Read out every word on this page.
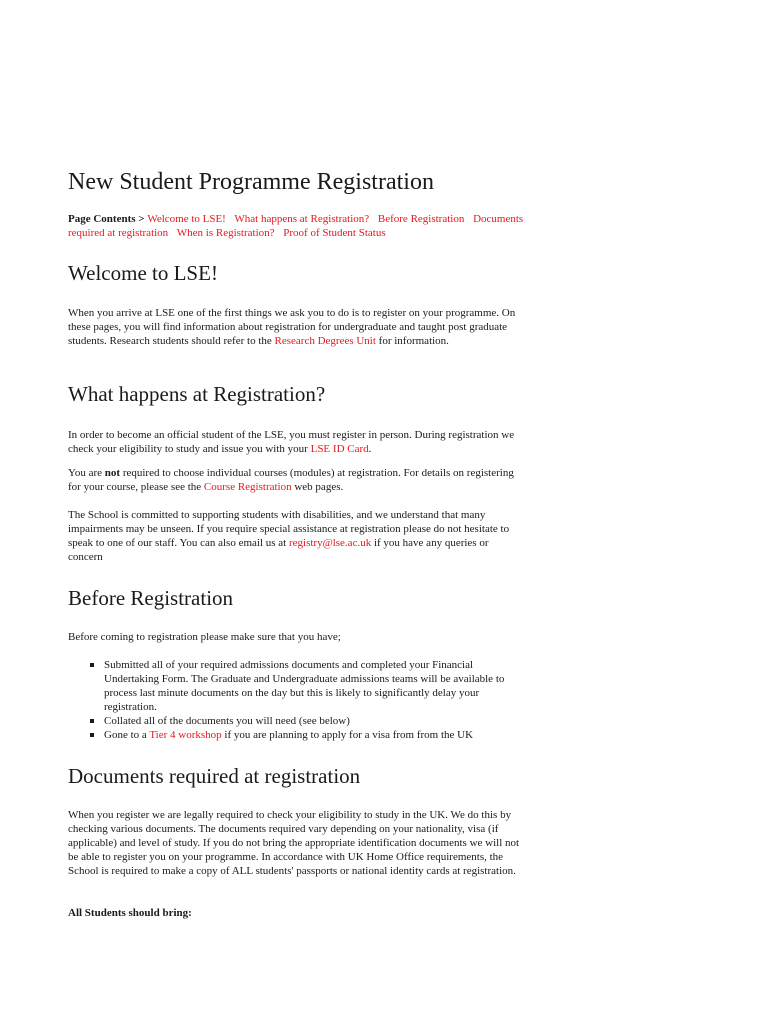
New Student Programme Registration
Page Contents > Welcome to LSE! What happens at Registration? Before Registration Documents required at registration When is Registration? Proof of Student Status
Welcome to LSE!

When you arrive at LSE one of the first things we ask you to do is to register on your programme. On these pages, you will find information about registration for undergraduate and taught post graduate students. Research students should refer to the Research Degrees Unit for information.

What happens at Registration?

In order to become an official student of the LSE, you must register in person. During registration we check your eligibility to study and issue you with your LSE ID Card.

You are not required to choose individual courses (modules) at registration. For details on registering for your course, please see the Course Registration web pages.

The School is committed to supporting students with disabilities, and we understand that many impairments may be unseen. If you require special assistance at registration please do not hesitate to speak to one of our staff. You can also email us at registry@lse.ac.uk if you have any queries or concern

Before Registration

Before coming to registration please make sure that you have;

Submitted all of your required admissions documents and completed your Financial Undertaking Form. The Graduate and Undergraduate admissions teams will be available to process last minute documents on the day but this is likely to significantly delay your registration.
Collated all of the documents you will need (see below)
Gone to a Tier 4 workshop if you are planning to apply for a visa from from the UK
Documents required at registration

When you register we are legally required to check your eligibility to study in the UK. We do this by checking various documents. The documents required vary depending on your nationality, visa (if applicable) and level of study. If you do not bring the appropriate identification documents we will not be able to register you on your programme. In accordance with UK Home Office requirements, the School is required to make a copy of ALL students' passports or national identity cards at registration.

All Students should bring:
